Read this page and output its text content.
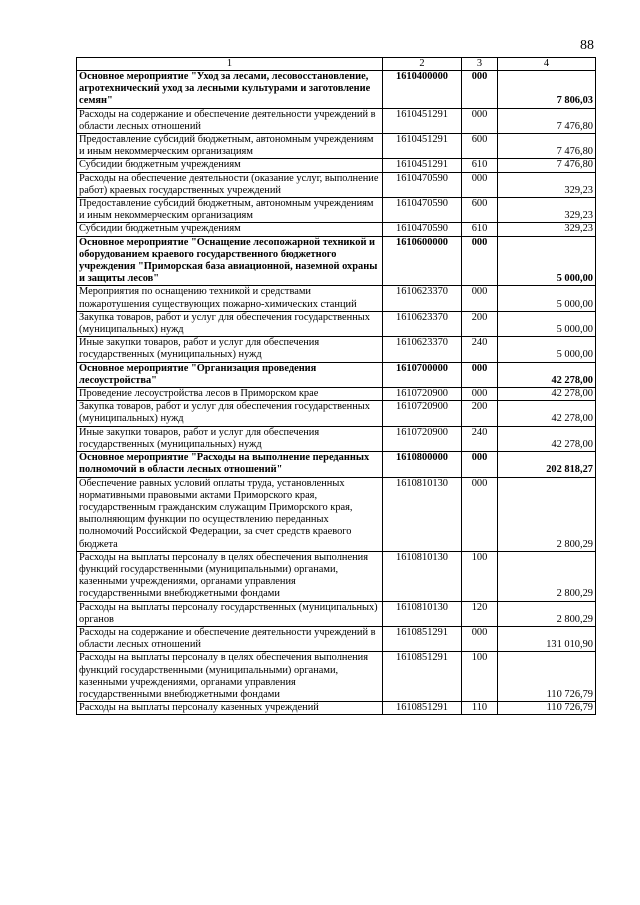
88
1	2	3	4
Основное мероприятие "Уход за лесами, лесовосстановление, агротехнический уход за лесными культурами и заготовление семян"	1610400000	000	7 806,03
Расходы на содержание и обеспечение деятельности учреждений в области лесных отношений	1610451291	000	7 476,80
Предоставление субсидий бюджетным, автономным учреждениям и иным некоммерческим организациям	1610451291	600	7 476,80
Субсидии бюджетным учреждениям	1610451291	610	7 476,80
Расходы на обеспечение деятельности (оказание услуг, выполнение работ) краевых государственных учреждений	1610470590	000	329,23
Предоставление субсидий бюджетным, автономным учреждениям и иным некоммерческим организациям	1610470590	600	329,23
Субсидии бюджетным учреждениям	1610470590	610	329,23
Основное мероприятие "Оснащение лесопожарной техникой и оборудованием краевого государственного бюджетного учреждения "Приморская база авиационной, наземной охраны и защиты лесов"	1610600000	000	5 000,00
Мероприятия по оснащению техникой и средствами пожаротушения существующих пожарно-химических станций	1610623370	000	5 000,00
Закупка товаров, работ и услуг для обеспечения государственных (муниципальных) нужд	1610623370	200	5 000,00
Иные закупки товаров, работ и услуг для обеспечения государственных (муниципальных) нужд	1610623370	240	5 000,00
Основное мероприятие "Организация проведения лесоустройства"	1610700000	000	42 278,00
Проведение лесоустройства лесов в Приморском крае	1610720900	000	42 278,00
Закупка товаров, работ и услуг для обеспечения государственных (муниципальных) нужд	1610720900	200	42 278,00
Иные закупки товаров, работ и услуг для обеспечения государственных (муниципальных) нужд	1610720900	240	42 278,00
Основное мероприятие "Расходы на выполнение переданных полномочий в области лесных отношений"	1610800000	000	202 818,27
Обеспечение равных условий оплаты труда, установленных нормативными правовыми актами Приморского края, государственным гражданским служащим Приморского края, выполняющим функции по осуществлению переданных полномочий Российской Федерации, за счет средств краевого бюджета	1610810130	000	2 800,29
Расходы на выплаты персоналу в целях обеспечения выполнения функций государственными (муниципальными) органами, казенными учреждениями, органами управления государственными внебюджетными фондами	1610810130	100	2 800,29
Расходы на выплаты персоналу государственных (муниципальных) органов	1610810130	120	2 800,29
Расходы на содержание и обеспечение деятельности учреждений в области лесных отношений	1610851291	000	131 010,90
Расходы на выплаты персоналу в целях обеспечения выполнения функций государственными (муниципальными) органами, казенными учреждениями, органами управления государственными внебюджетными фондами	1610851291	100	110 726,79
Расходы на выплаты персоналу казенных учреждений	1610851291	110	110 726,79
